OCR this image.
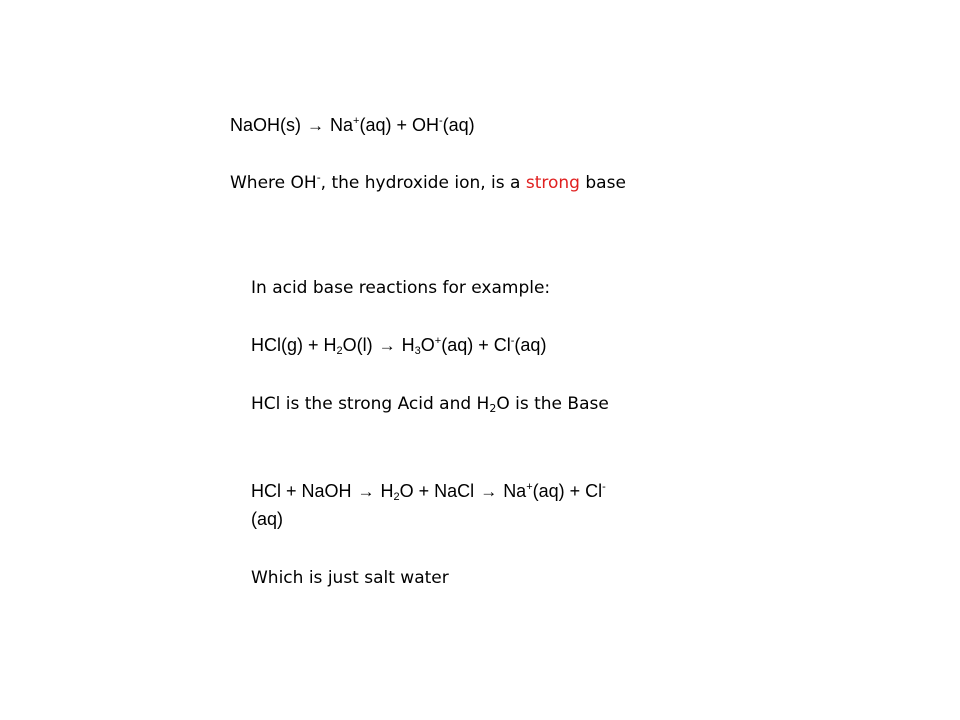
NaOH(s) → Na+(aq) + OH-(aq)
Where OH-, the hydroxide ion, is a strong base
In acid base reactions for example:
$HCl(g) + H_2O(l) \to H_3O^+(aq) + Cl^-(aq)$
HCl is the strong Acid and $H_2O$ is the Base
HCl + NaOH → $H_2O$ + NaCl → Na+(aq) + Cl-
(aq)
Which is just salt water
